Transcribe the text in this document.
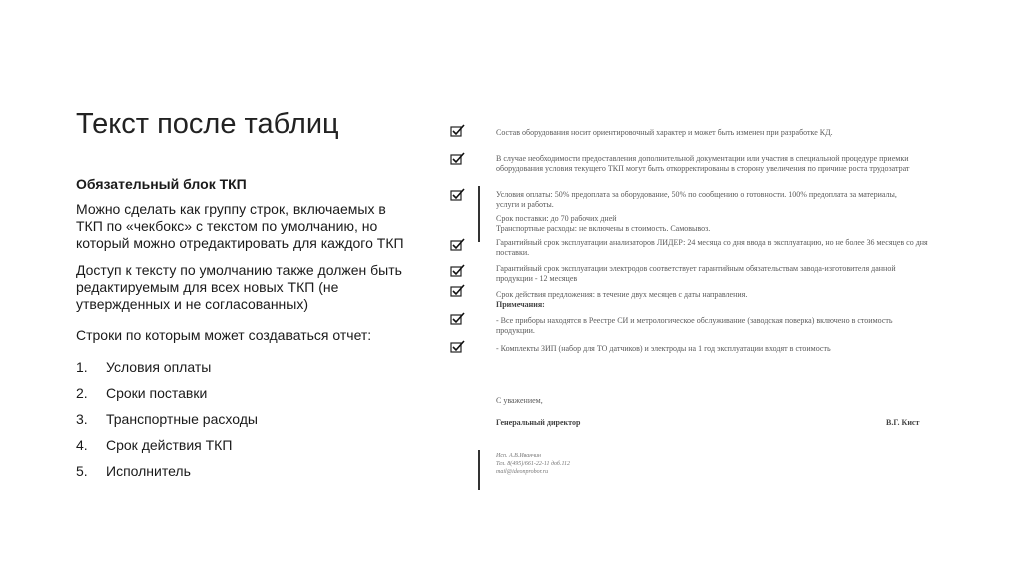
Текст после таблиц

Обязательный блок ТКП

Можно сделать как группу строк, включаемых в ТКП по «чекбокс» с текстом по умолчанию, но который можно отредактировать для каждого ТКП

Доступ к тексту по умолчанию также должен быть редактируемым для всех новых ТКП (не утвержденных и не согласованных)

Строки по которым может создаваться отчет:

1.	Условия оплаты
2.	Сроки поставки
3.	Транспортные расходы
4.	Срок действия ТКП
5.	Исполнитель
Состав оборудования носит ориентировочный характер и может быть изменен при разработке КД.
В случае необходимости предоставления дополнительной документации или участия в специальной процедуре приемки
оборудования условия текущего ТКП могут быть откорректированы в сторону увеличения по причине роста трудозатрат
Условия оплаты: 50% предоплата за оборудование, 50% по сообщению о готовности. 100% предоплата за материалы,
услуги и работы.
Срок поставки: до 70 рабочих дней
Транспортные расходы: не включены в стоимость. Самовывоз.
Гарантийный срок эксплуатации анализаторов ЛИДЕР: 24 месяца со дня ввода в эксплуатацию, но не более 36 месяцев со дня
поставки.
Гарантийный срок эксплуатации электродов соответствует гарантийным обязательствам завода-изготовителя данной
продукции - 12 месяцев
Срок действия предложения: в течение двух месяцев с даты направления.
Примечания:
- Все приборы находятся в Реестре СИ и метрологическое обслуживание (заводская поверка) включено в стоимость
продукции.
- Комплекты ЗИП (набор для ТО датчиков) и электроды на 1 год эксплуатации входят в стоимость
С уважением,
Генеральный директор	В.Г. Кист
Исп. А.В.Иванчин
Тел. 8(495)/661-22-11 доб.112
mail@ideonprobor.ru
